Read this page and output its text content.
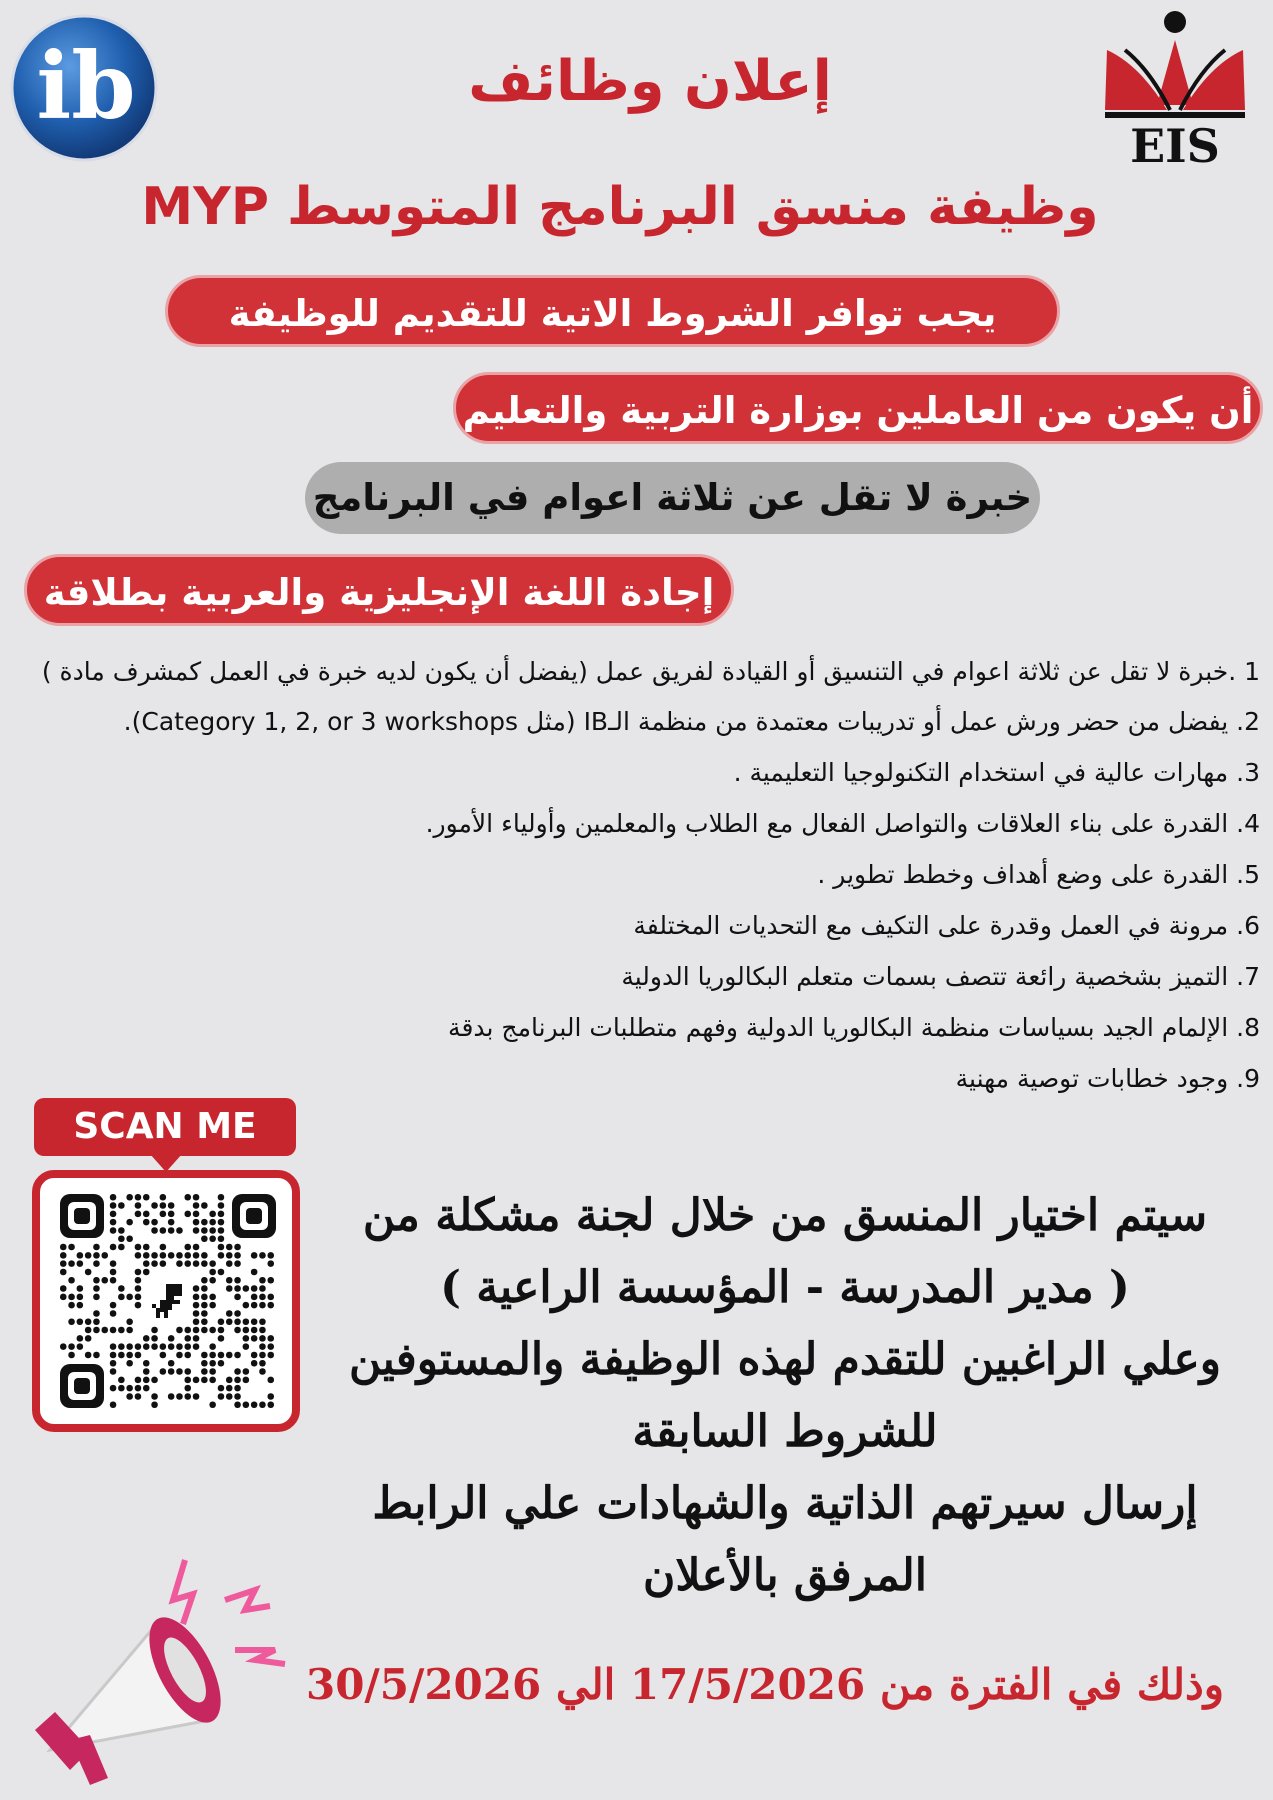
ib
EIS
إعلان وظائف
وظيفة منسق البرنامج المتوسط MYP
يجب توافر الشروط الاتية للتقديم للوظيفة
أن يكون من العاملين بوزارة التربية والتعليم
خبرة لا تقل عن ثلاثة اعوام في البرنامج
إجادة اللغة الإنجليزية والعربية بطلاقة
1 .خبرة لا تقل عن ثلاثة اعوام في التنسيق أو القيادة لفريق عمل (يفضل أن يكون لديه خبرة في العمل كمشرف مادة )
2. يفضل من حضر ورش عمل أو تدريبات معتمدة من منظمة الـIB (مثل Category 1, 2, or 3 workshops).
3. مهارات عالية في استخدام التكنولوجيا التعليمية .
4. القدرة على بناء العلاقات والتواصل الفعال مع الطلاب والمعلمين وأولياء الأمور.
5. القدرة على وضع أهداف وخطط تطوير .
6. مرونة في العمل وقدرة على التكيف مع التحديات المختلفة
7. التميز بشخصية رائعة تتصف بسمات متعلم البكالوريا الدولية
8. الإلمام الجيد بسياسات منظمة البكالوريا الدولية وفهم متطلبات البرنامج بدقة
9. وجود خطابات توصية مهنية
SCAN ME
سيتم اختيار المنسق من خلال لجنة مشكلة من
( مدير المدرسة - المؤسسة الراعية )
وعلي الراغبين للتقدم لهذه الوظيفة والمستوفين
للشروط السابقة
إرسال سيرتهم الذاتية والشهادات علي الرابط
المرفق بالأعلان
وذلك في الفترة من 17/5/2026 الي 30/5/2026
